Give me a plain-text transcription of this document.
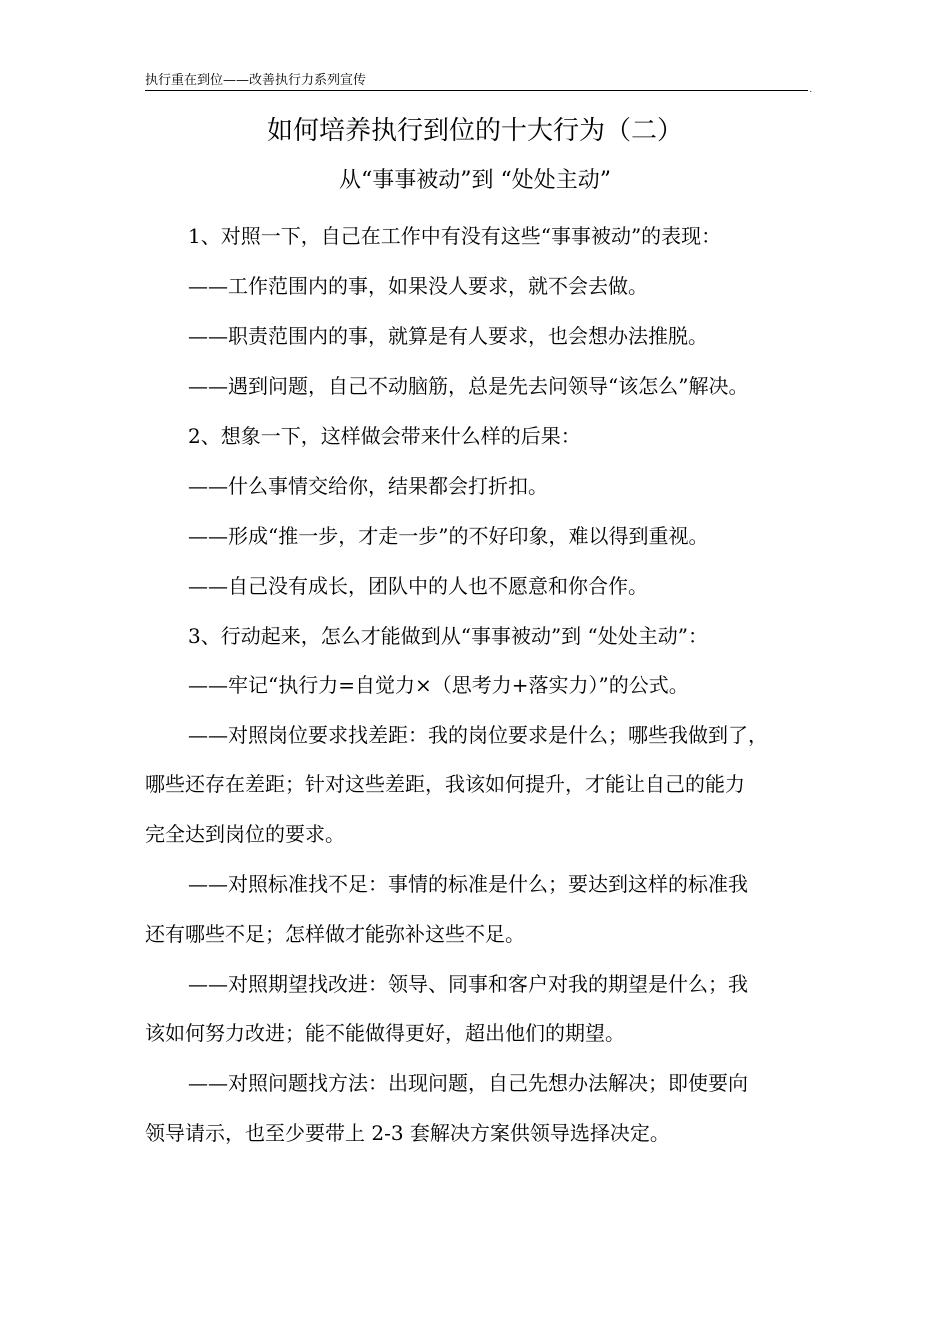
执行重在到位——改善执行力系列宣传
.
如何培养执行到位的十大行为（二）
从“事事被动”到 “处处主动”
1、对照一下，自己在工作中有没有这些“事事被动”的表现：
——工作范围内的事，如果没人要求，就不会去做。
——职责范围内的事，就算是有人要求，也会想办法推脱。
——遇到问题，自己不动脑筋，总是先去问领导“该怎么”解决。
2、想象一下，这样做会带来什么样的后果：
——什么事情交给你，结果都会打折扣。
——形成“推一步，才走一步”的不好印象，难以得到重视。
——自己没有成长，团队中的人也不愿意和你合作。
3、行动起来，怎么才能做到从“事事被动”到 “处处主动”：
——牢记“执行力=自觉力×（思考力+落实力）”的公式。
——对照岗位要求找差距：我的岗位要求是什么；哪些我做到了，
哪些还存在差距；针对这些差距，我该如何提升，才能让自己的能力
完全达到岗位的要求。
——对照标准找不足：事情的标准是什么；要达到这样的标准我
还有哪些不足；怎样做才能弥补这些不足。
——对照期望找改进：领导、同事和客户对我的期望是什么；我
该如何努力改进；能不能做得更好，超出他们的期望。
——对照问题找方法：出现问题，自己先想办法解决；即使要向
领导请示，也至少要带上 2-3 套解决方案供领导选择决定。
